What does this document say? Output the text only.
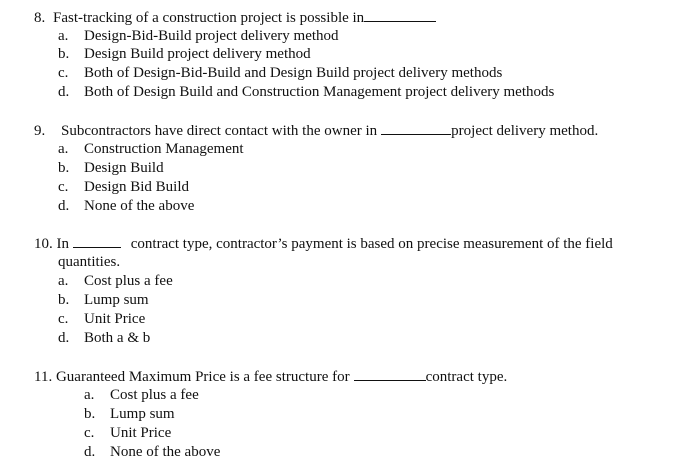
8. Fast-tracking of a construction project is possible in
a. Design-Bid-Build project delivery method
b. Design Build project delivery method
c. Both of Design-Bid-Build and Design Build project delivery methods
d. Both of Design Build and Construction Management project delivery methods
9. Subcontractors have direct contact with the owner in	project delivery method.
a. Construction Management
b. Design Build
c. Design Bid Build
d. None of the above
10. In	contract type, contractor’s payment is based on precise measurement of the field
quantities.
a. Cost plus a fee
b. Lump sum
c. Unit Price
d. Both a & b
11. Guaranteed Maximum Price is a fee structure for	contract type.
a. Cost plus a fee
b. Lump sum
c. Unit Price
d. None of the above
